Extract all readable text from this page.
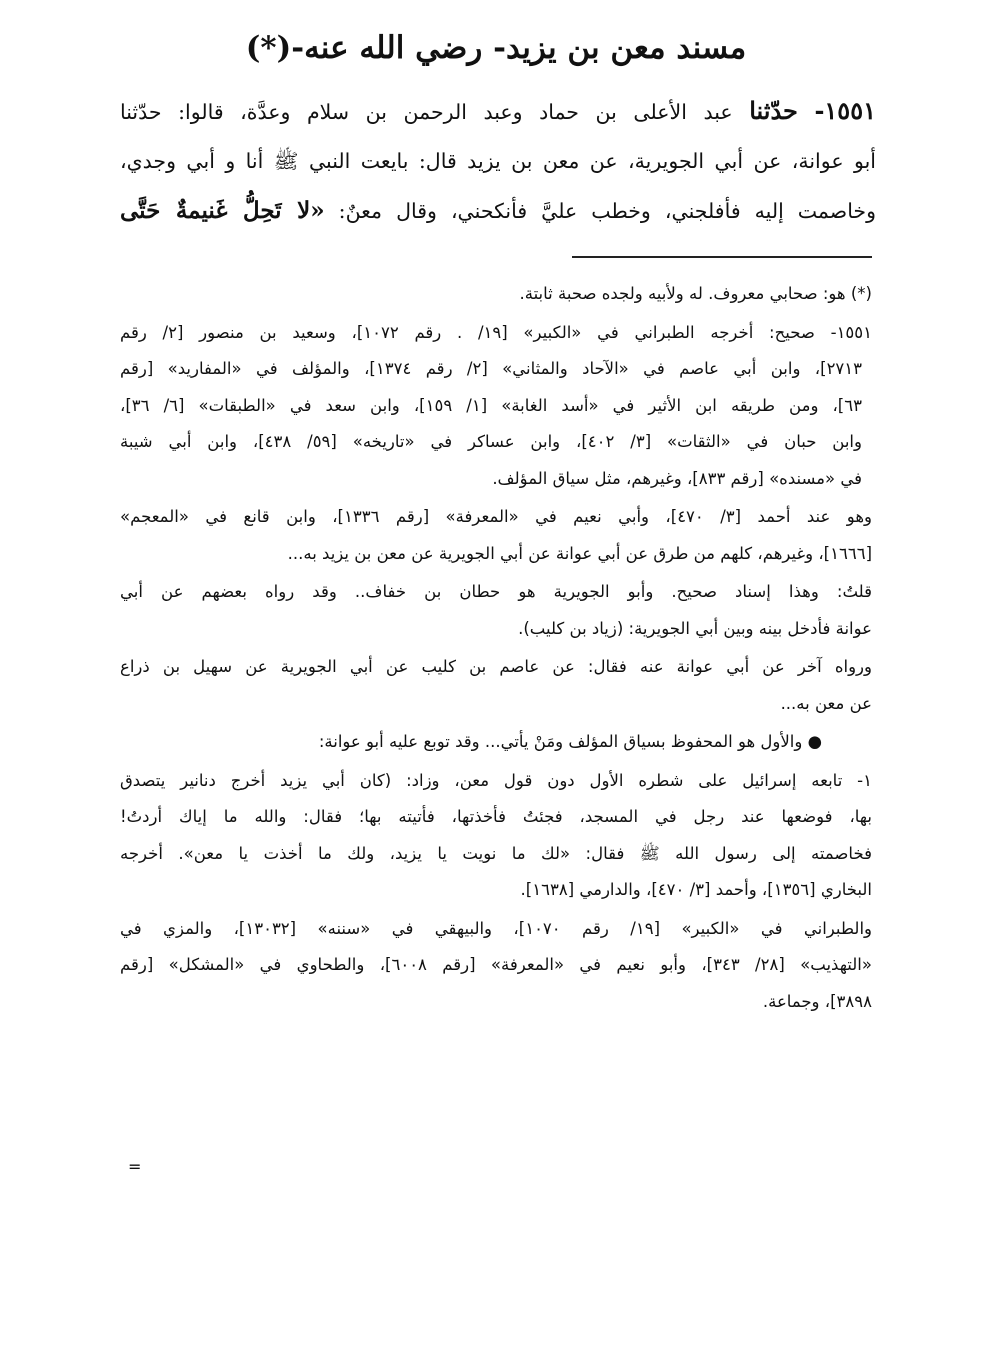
مسند معن بن يزيد- رضي الله عنه-(*)
١٥٥١- حدّثنا عبد الأعلى بن حماد وعبد الرحمن بن سلام وعدَّة، قالوا: حدّثنا
أبو عوانة، عن أبي الجويرية، عن معن بن يزيد قال: بايعت النبي ﷺ أنا و أبي وجدي،
وخاصمت إليه فأفلجني، وخطب عليَّ فأنكحني، وقال معنٌ: «لا تَحِلُّ غَنيمةٌ حَتَّى
(*) هو: صحابي معروف. له ولأبيه ولجده صحبة ثابتة.
١٥٥١- صحيح: أخرجه الطبراني في «الكبير» [١٩/ . رقم ١٠٧٢]، وسعيد بن منصور [٢/ رقم
٢٧١٣]، وابن أبي عاصم في «الآحاد والمثاني» [٢/ رقم ١٣٧٤]، والمؤلف في «المفاريد» [رقم
٦٣]، ومن طريقه ابن الأثير في «أسد الغابة» [١/ ١٥٩]، وابن سعد في «الطبقات» [٦/ ٣٦]،
وابن حبان في «الثقات» [٣/ ٤٠٢]، وابن عساكر في «تاريخه» [٥٩/ ٤٣٨]، وابن أبي شيبة
في «مسنده» [رقم ٨٣٣]، وغيرهم، مثل سياق المؤلف.
وهو عند أحمد [٣/ ٤٧٠]، وأبي نعيم في «المعرفة» [رقم ١٣٣٦]، وابن قانع في «المعجم»
[١٦٦٦]، وغيرهم، كلهم من طرق عن أبي عوانة عن أبي الجويرية عن معن بن يزيد به...
قلتُ: وهذا إسناد صحيح. وأبو الجويرية هو حطان بن خفاف.. وقد رواه بعضهم عن أبي
عوانة فأدخل بينه وبين أبي الجويرية: (زياد بن كليب).
ورواه آخر عن أبي عوانة عنه فقال: عن عاصم بن كليب عن أبي الجويرية عن سهيل بن ذراع
عن معن به...
● والأول هو المحفوظ بسياق المؤلف ومَنْ يأتي... وقد توبع عليه أبو عوانة:
١- تابعه إسرائيل على شطره الأول دون قول معن، وزاد: (كان أبي يزيد أخرج دنانير يتصدق
بها، فوضعها عند رجل في المسجد، فجئتُ فأخذتها، فأتيته بها؛ فقال: والله ما إياك أردتُ!
فخاصمته إلى رسول الله ﷺ فقال: «لك ما نويت يا يزيد، ولك ما أخذت يا معن». أخرجه
البخاري [١٣٥٦]، وأحمد [٣/ ٤٧٠]، والدارمي [١٦٣٨].
والطبراني في «الكبير» [١٩/ رقم ١٠٧٠]، والبيهقي في «سننه» [١٣٠٣٢]، والمزي في
«التهذيب» [٢٨/ ٣٤٣]، وأبو نعيم في «المعرفة» [رقم ٦٠٠٨]، والطحاوي في «المشكل» [رقم
٣٨٩٨]، وجماعة.
=
